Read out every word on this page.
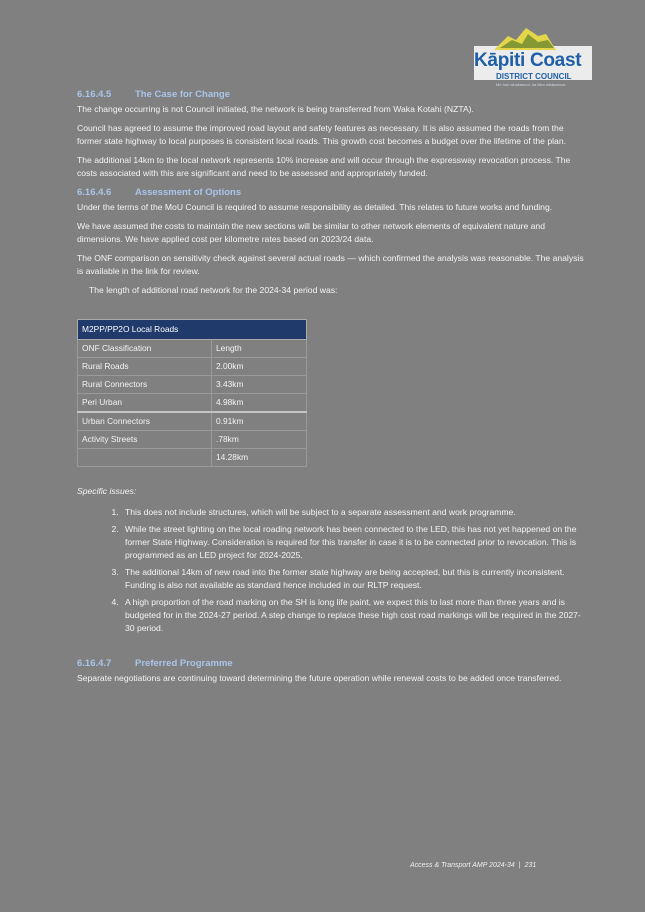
Kāpiti Coast
DISTRICT COUNCIL
Me huri whakamuri, ka titiro whakamua
6.16.4.5 The Case for Change

The change occurring is not Council initiated, the network is being transferred from Waka Kotahi (NZTA).

Council has agreed to assume the improved road layout and safety features as necessary. It is also assumed the roads from the former state highway to local purposes is consistent local roads. This growth cost becomes a budget over the lifetime of the plan.

The additional 14km to the local network represents 10% increase and will occur through the expressway revocation process. The costs associated with this are significant and need to be assessed and appropriately funded.

6.16.4.6 Assessment of Options

Under the terms of the MoU Council is required to assume responsibility as detailed. This relates to future works and funding.

We have assumed the costs to maintain the new sections will be similar to other network elements of equivalent nature and dimensions. We have applied cost per kilometre rates based on 2023/24 data.

The ONF comparison on sensitivity check against several actual roads — which confirmed the analysis was reasonable. The analysis is available in the link for review.

The length of additional road network for the 2024-34 period was:

M2PP/PP2O Local Roads	
ONF Classification	Length
Rural Roads	2.00km
Rural Connectors	3.43km
Peri Urban	4.98km
Urban Connectors	0.91km
Activity Streets	.78km
	14.28km
Specific issues:
1. This does not include structures, which will be subject to a separate assessment and work programme.
2. While the street lighting on the local roading network has been connected to the LED, this has not yet happened on the former State Highway. Consideration is required for this transfer in case it is to be connected prior to revocation. This is programmed as an LED project for 2024-2025.
3. The additional 14km of new road into the former state highway are being accepted, but this is currently inconsistent. Funding is also not available as standard hence included in our RLTP request.
4. A high proportion of the road marking on the SH is long life paint, we expect this to last more than three years and is budgeted for in the 2024-27 period. A step change to replace these high cost road markings will be required in the 2027-30 period.
6.16.4.7 Preferred Programme

Separate negotiations are continuing toward determining the future operation while renewal costs to be added once transferred.

Access & Transport AMP 2024-34 | 231
